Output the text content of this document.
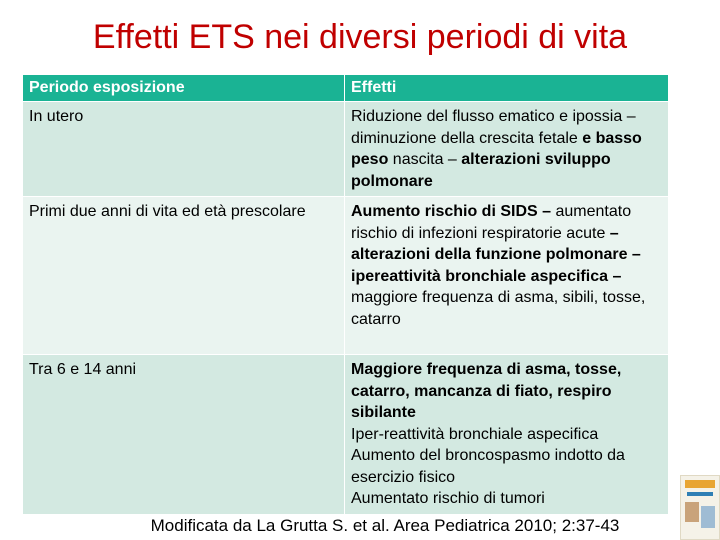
Effetti ETS nei diversi periodi di vita
Periodo esposizione	Effetti
In utero	Riduzione del flusso ematico e ipossia – diminuzione della crescita fetale e basso peso nascita – alterazioni sviluppo polmonare
Primi due anni di vita ed età prescolare	Aumento rischio di SIDS – aumentato rischio di infezioni respiratorie acute – alterazioni della funzione polmonare – ipereattività bronchiale aspecifica – maggiore frequenza di asma, sibili, tosse, catarro
Tra 6 e 14 anni	Maggiore frequenza di asma, tosse, catarro, mancanza di fiato, respiro sibilante
Iper-reattività bronchiale aspecifica
Aumento del broncospasmo indotto da esercizio fisico
Aumentato rischio di tumori
Modificata da La Grutta S. et al. Area Pediatrica 2010; 2:37-43
